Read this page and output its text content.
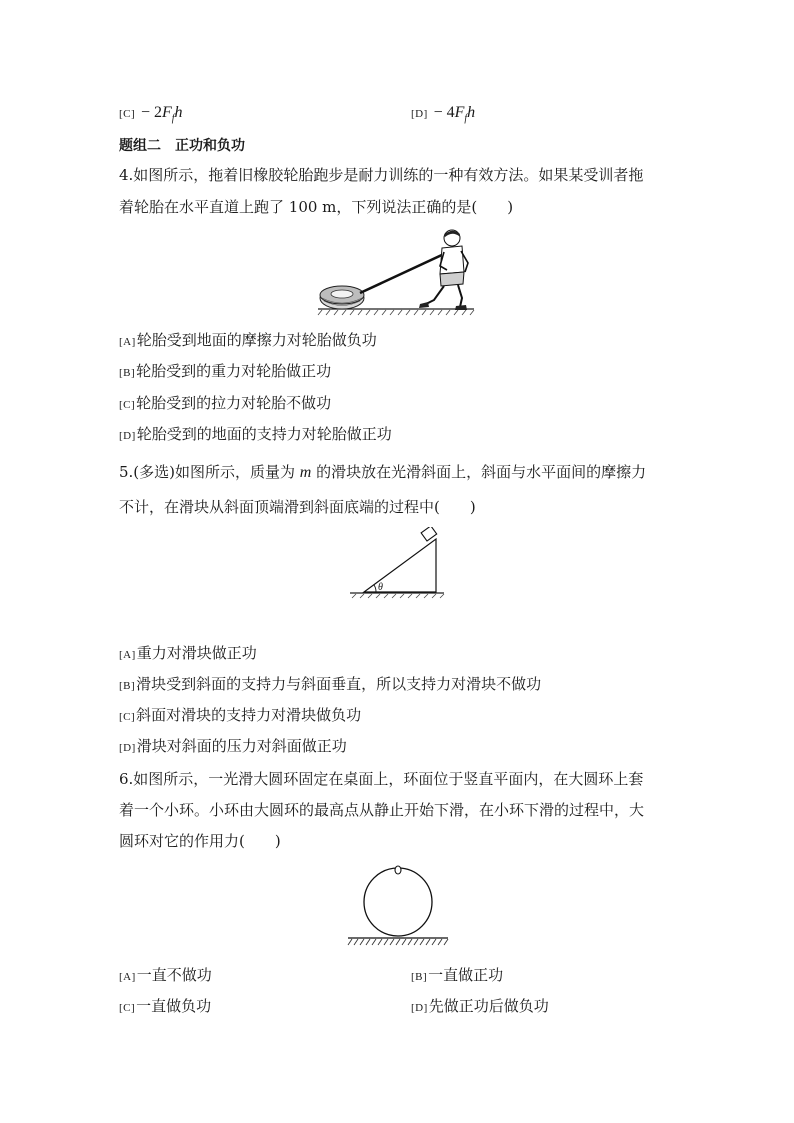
$[C] - 2F_fh$	$[D] - 4F_fh$
题组二　正功和负功
4.如图所示，拖着旧橡胶轮胎跑步是耐力训练的一种有效方法。如果某受训者拖
着轮胎在水平直道上跑了 100 m，下列说法正确的是(　　)
[A]轮胎受到地面的摩擦力对轮胎做负功
[B]轮胎受到的重力对轮胎做正功
[C]轮胎受到的拉力对轮胎不做功
[D]轮胎受到的地面的支持力对轮胎做正功
5.(多选)如图所示，质量为 m 的滑块放在光滑斜面上，斜面与水平面间的摩擦力
不计，在滑块从斜面顶端滑到斜面底端的过程中(　　)
θ
[A]重力对滑块做正功
[B]滑块受到斜面的支持力与斜面垂直，所以支持力对滑块不做功
[C]斜面对滑块的支持力对滑块做负功
[D]滑块对斜面的压力对斜面做正功
6.如图所示，一光滑大圆环固定在桌面上，环面位于竖直平面内，在大圆环上套
着一个小环。小环由大圆环的最高点从静止开始下滑，在小环下滑的过程中，大
圆环对它的作用力(　　)
[A]一直不做功	[B]一直做正功
[C]一直做负功	[D]先做正功后做负功
